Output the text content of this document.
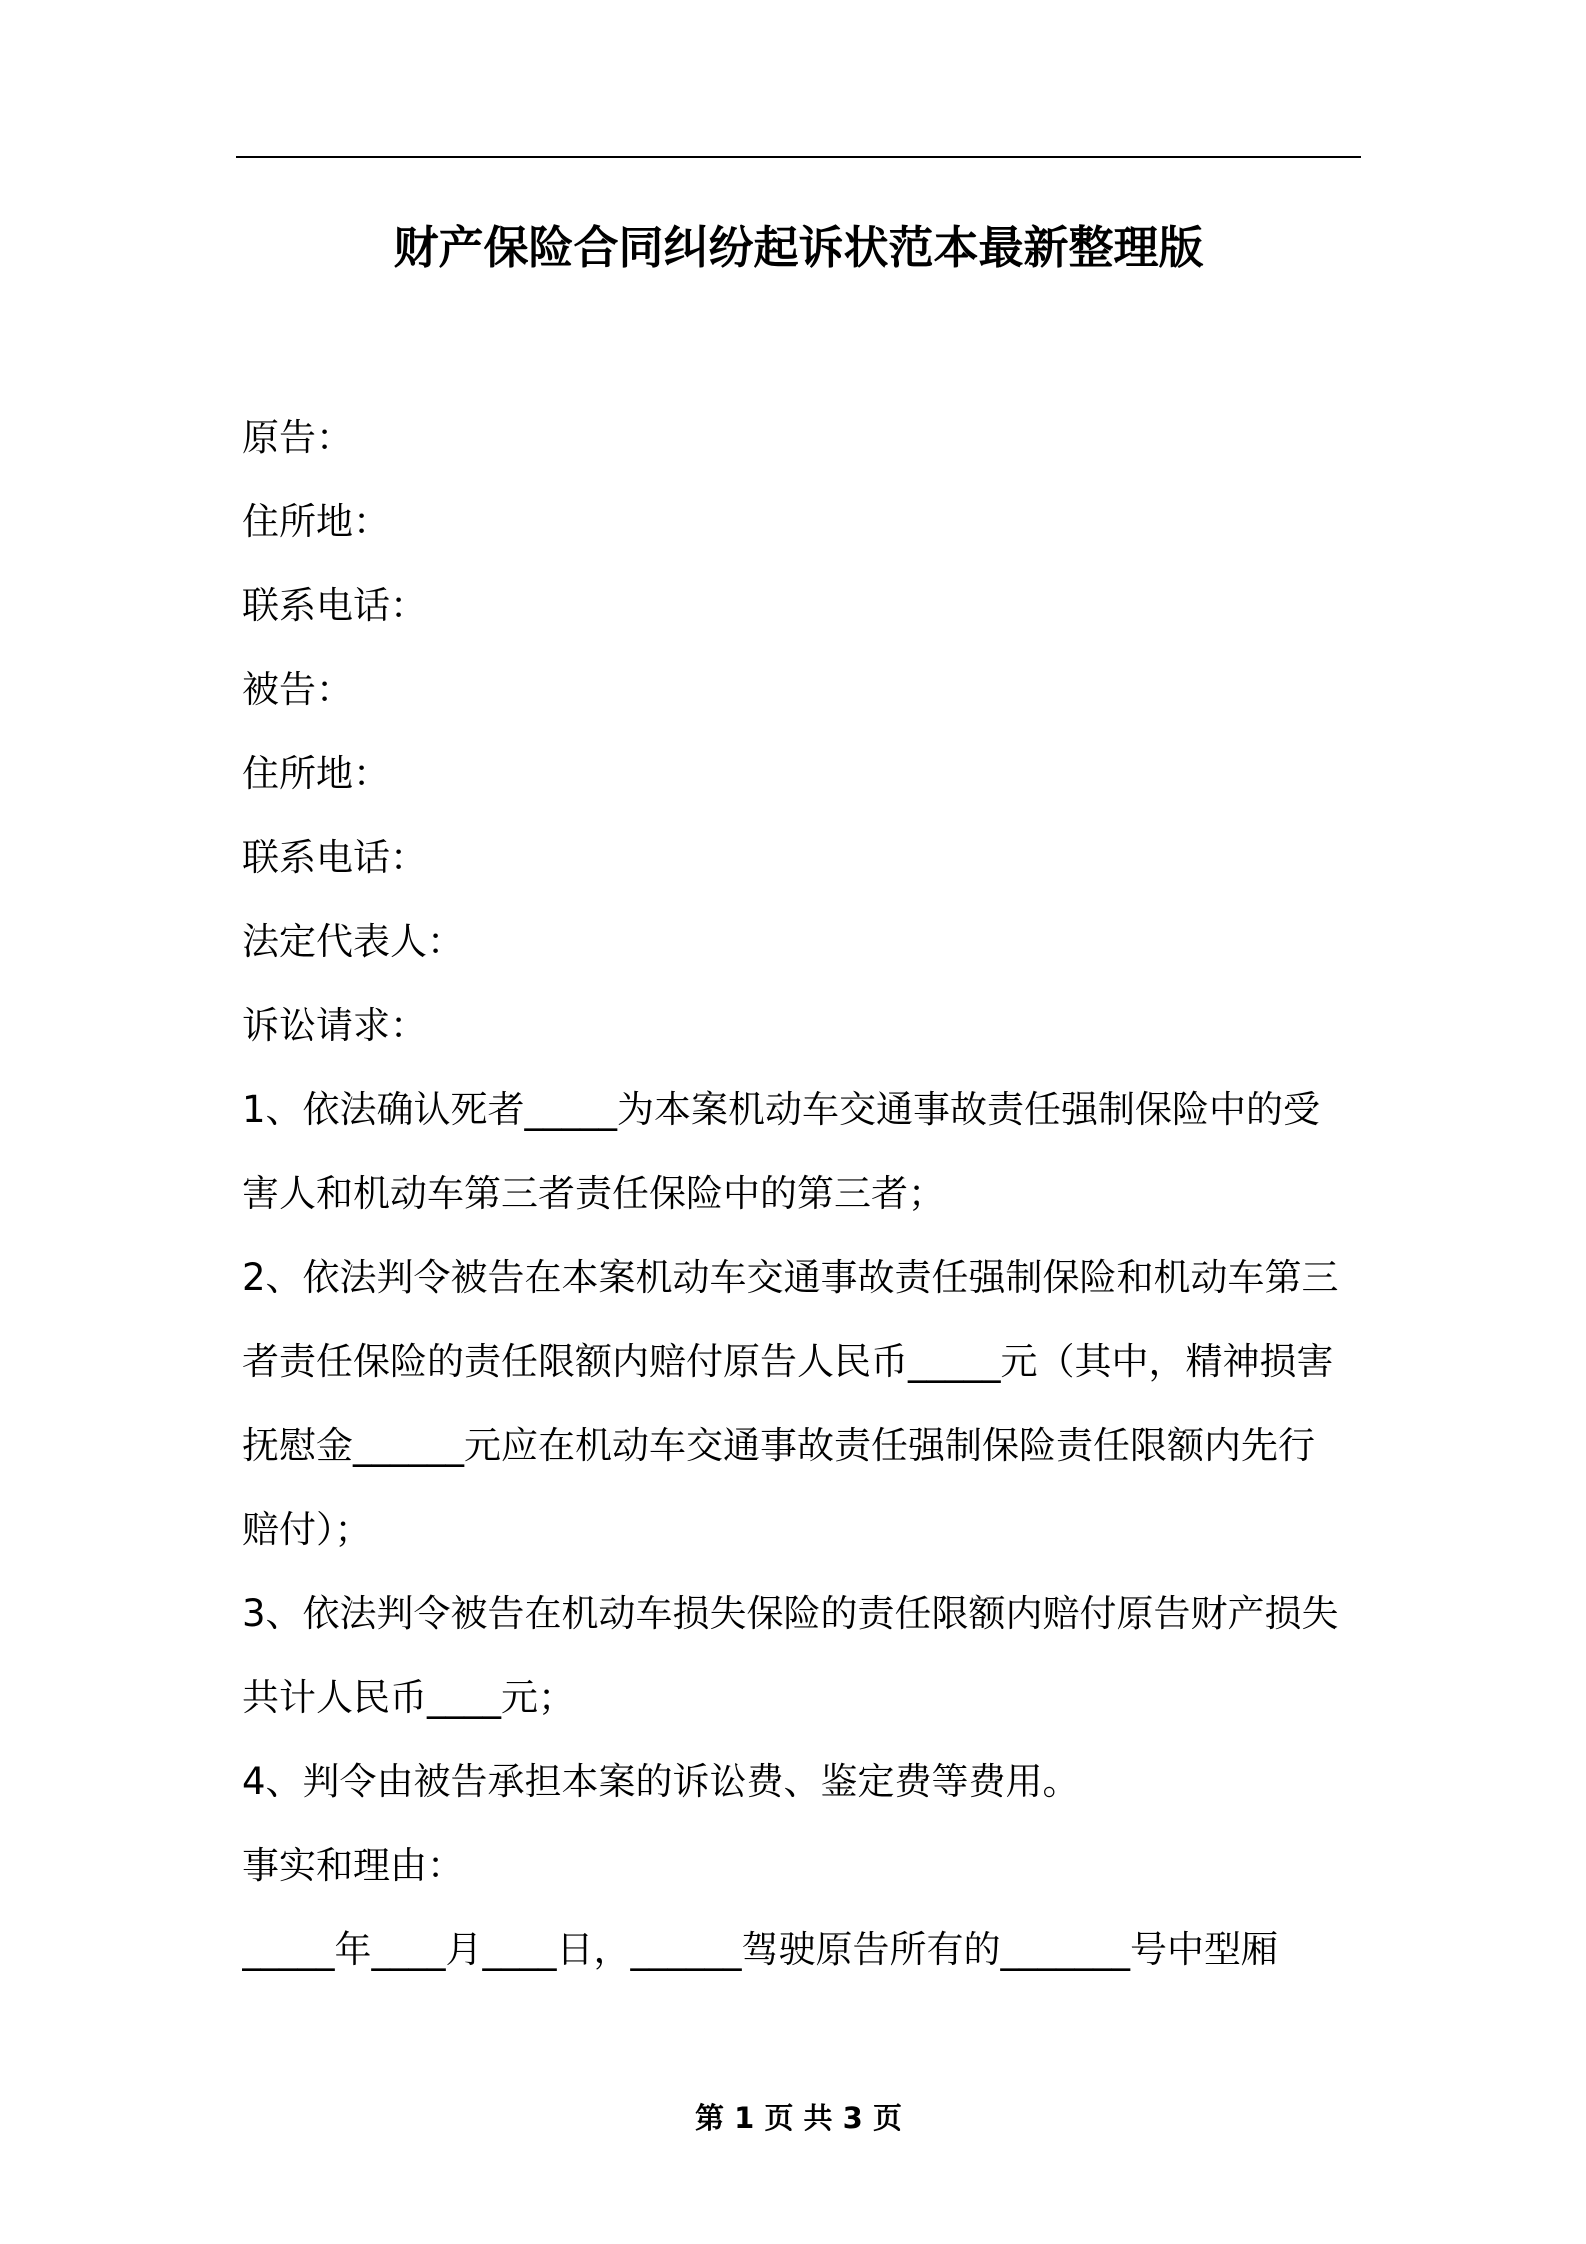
财产保险合同纠纷起诉状范本最新整理版
原告：
住所地：
联系电话：
被告：
住所地：
联系电话：
法定代表人：
诉讼请求：
1、依法确认死者_____为本案机动车交通事故责任强制保险中的受
害人和机动车第三者责任保险中的第三者；
2、依法判令被告在本案机动车交通事故责任强制保险和机动车第三
者责任保险的责任限额内赔付原告人民币_____元（其中，精神损害
抚慰金______元应在机动车交通事故责任强制保险责任限额内先行
赔付）；
3、依法判令被告在机动车损失保险的责任限额内赔付原告财产损失
共计人民币____元；
4、判令由被告承担本案的诉讼费、鉴定费等费用。
事实和理由：
_____年____月____日，______驾驶原告所有的_______号中型厢
第 1 页 共 3 页
